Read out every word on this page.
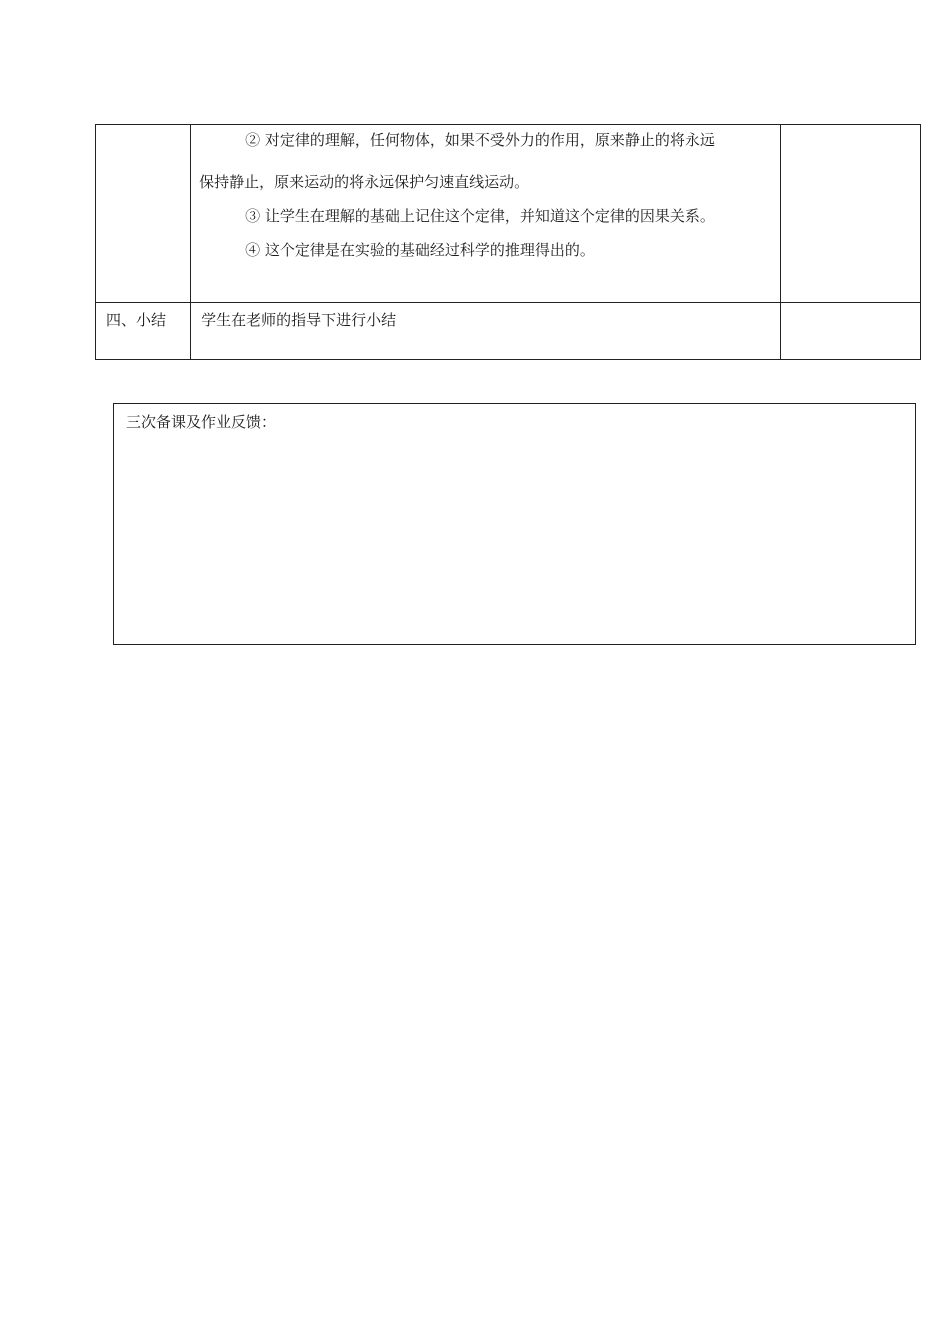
	② 对定律的理解，任何物体，如果不受外力的作用，原来静止的将永远

保持静止，原来运动的将永远保护匀速直线运动。

③ 让学生在理解的基础上记住这个定律，并知道这个定律的因果关系。

④ 这个定律是在实验的基础经过科学的推理得出的。	

四、小结	学生在老师的指导下进行小结	

三次备课及作业反馈：
